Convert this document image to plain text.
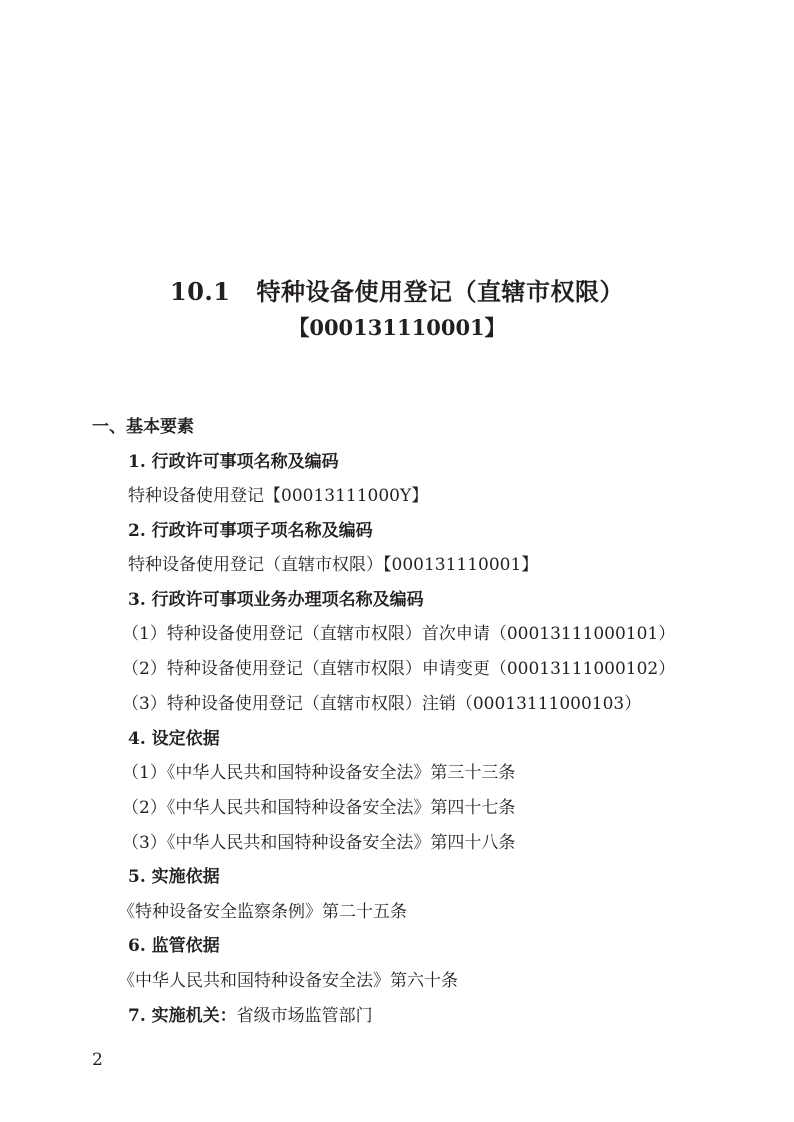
10.1 特种设备使用登记（直辖市权限）
【000131110001】
一、基本要素
1. 行政许可事项名称及编码
特种设备使用登记【00013111000Y】
2. 行政许可事项子项名称及编码
特种设备使用登记（直辖市权限）【000131110001】
3. 行政许可事项业务办理项名称及编码
（1）特种设备使用登记（直辖市权限）首次申请（00013111000101）
（2）特种设备使用登记（直辖市权限）申请变更（00013111000102）
（3）特种设备使用登记（直辖市权限）注销（00013111000103）
4. 设定依据
（1）《中华人民共和国特种设备安全法》第三十三条
（2）《中华人民共和国特种设备安全法》第四十七条
（3）《中华人民共和国特种设备安全法》第四十八条
5. 实施依据
《特种设备安全监察条例》第二十五条
6. 监管依据
《中华人民共和国特种设备安全法》第六十条
7. 实施机关：省级市场监管部门
2
